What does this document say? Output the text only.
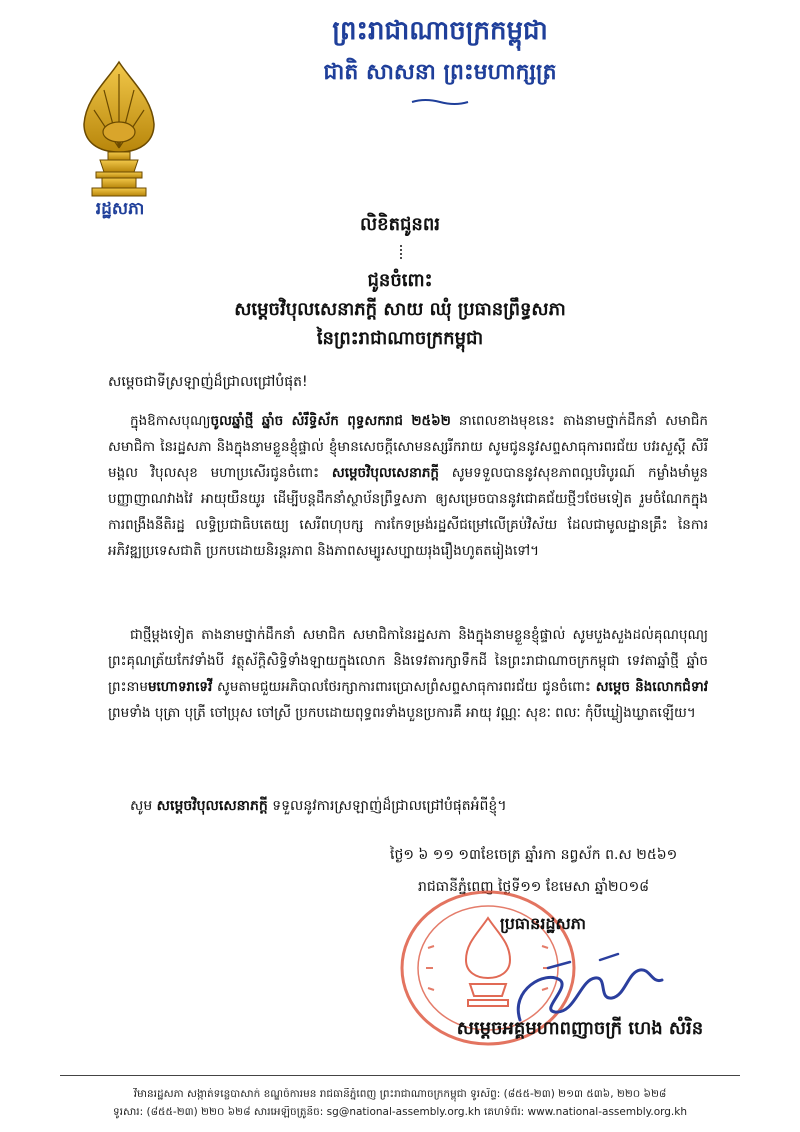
ព្រះរាជាណាចក្រកម្ពុជា
ជាតិ សាសនា ព្រះមហាក្សត្រ
រដ្ឋសភា
លិខិតជូនពរ
ជូនចំពោះ
សម្ដេចវិបុលសេនាភក្ដី សាយ ឈុំ ប្រធានព្រឹទ្ធសភា
នៃព្រះរាជាណាចក្រកម្ពុជា
សម្ដេចជាទីស្រឡាញ់ដ៏ជ្រាលជ្រៅបំផុត!
ក្នុងឱកាសបុណ្យចូលឆ្នាំថ្មី ឆ្នាំច សំរឹទ្ធិស័ក ពុទ្ធសករាជ ២៥៦២ នាពេលខាងមុខនេះ តាងនាមថ្នាក់ដឹកនាំ សមាជិក សមាជិកា នៃរដ្ឋសភា និងក្នុងនាមខ្លួនខ្ញុំផ្ទាល់ ខ្ញុំមានសេចក្ដីសោមនស្សរីករាយ សូមជូននូវសព្ទសាធុការពរជ័យ បវរសួស្ដី សិរីមង្គល វិបុលសុខ មហាប្រសើរជូនចំពោះ សម្ដេចវិបុលសេនាភក្ដី សូមទទួលបាននូវសុខភាពល្អបរិបូរណ៍ កម្លាំងមាំមួន បញ្ញាញាណវាងវៃ អាយុយឺនយូរ ដើម្បីបន្តដឹកនាំស្ថាប័នព្រឹទ្ធសភា ឲ្យសម្រេចបាននូវជោគជ័យថ្មីៗថែមទៀត រួមចំណែកក្នុងការពង្រឹងនីតិរដ្ឋ លទ្ធិប្រជាធិបតេយ្យ សេរីពហុបក្ស ការកែទម្រង់រដ្ឋសីជម្រៅលើគ្រប់វិស័យ ដែលជាមូលដ្ឋានគ្រឹះ នៃការអភិវឌ្ឍប្រទេសជាតិ ប្រកបដោយនិរន្តរភាព និងភាពសម្បូរសប្បាយរុងរឿងហូតតរៀងទៅ។
ជាថ្មីម្ដងទៀត តាងនាមថ្នាក់ដឹកនាំ សមាជិក សមាជិកានៃរដ្ឋសភា និងក្នុងនាមខ្លួនខ្ញុំផ្ទាល់ សូមបួងសួងដល់គុណបុណ្យព្រះគុណត្រ័យកែវទាំងបី វត្ថុស័ក្ដិសិទ្ធិទាំងឡាយក្នុងលោក និងទេវតារក្សាទឹកដី នៃព្រះរាជាណាចក្រកម្ពុជា ទេវតាឆ្នាំថ្មី ឆ្នាំច ព្រះនាមមហោទរាទេវី សូមតាមជួយអភិបាលថែរក្សាការពារប្រោសព្រំសព្ទសាធុការពរជ័យ ជូនចំពោះ សម្ដេច និងលោកជំទាវ ព្រមទាំង បុត្រា បុត្រី ចៅប្រុស ចៅស្រី ប្រកបដោយពុទ្ធពរទាំងបួនប្រការគឺ អាយុ វណ្ណៈ សុខៈ ពលៈ កុំបីឃ្លៀងឃ្លាតឡើយ។
សូម សម្ដេចវិបុលសេនាភក្ដី ទទួលនូវការស្រឡាញ់ដ៏ជ្រាលជ្រៅបំផុតអំពីខ្ញុំ។
ថ្ងៃ១ ៦ ១១ ១៣ខែចេត្រ ឆ្នាំរកា នព្វស័ក ព.ស ២៥៦១
រាជធានីភ្នំពេញ ថ្ងៃទី១១ ខែមេសា ឆ្នាំ២០១៨
ប្រធានរដ្ឋសភា
សម្ដេចអគ្គមហាពញាចក្រី ហេង សំរិន
វិមានរដ្ឋសភា សង្កាត់ទន្លេបាសាក់ ខណ្ឌចំការមន រាជធានីភ្នំពេញ ព្រះរាជាណាចក្រកម្ពុជា ទូរស័ព្ទ: (៨៥៥-២៣) ២១៣ ៥៣៦, ២២០ ៦២៨
ទូរសារ: (៨៥៥-២៣) ២២០ ៦២៨ សារអេឡិចត្រូនិច: sg@national-assembly.org.kh គេហទំព័រ: www.national-assembly.org.kh
